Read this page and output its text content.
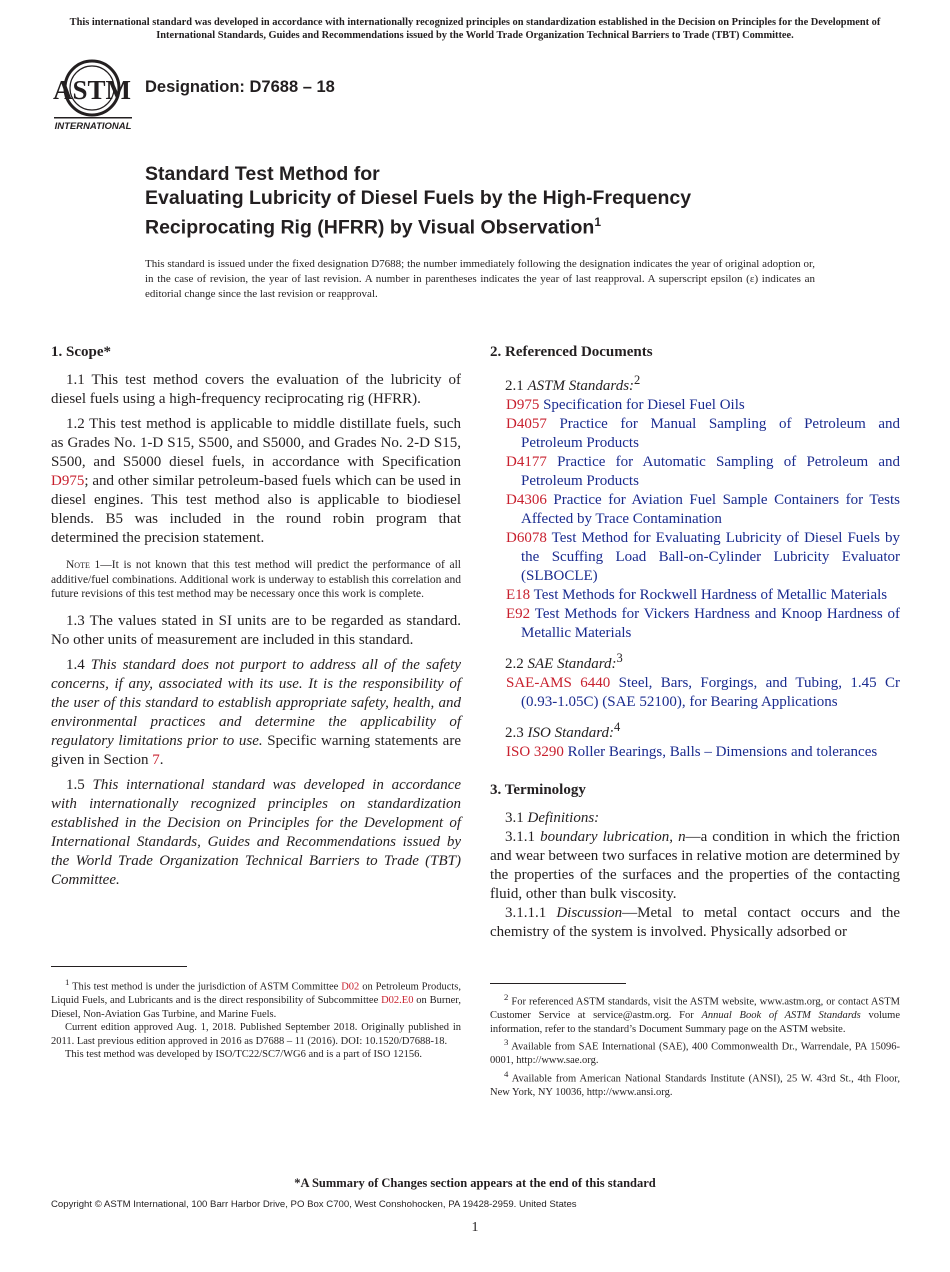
This international standard was developed in accordance with internationally recognized principles on standardization established in the Decision on Principles for the Development of International Standards, Guides and Recommendations issued by the World Trade Organization Technical Barriers to Trade (TBT) Committee.
ASTM
INTERNATIONAL
Designation: D7688 – 18
Standard Test Method for
Evaluating Lubricity of Diesel Fuels by the High-Frequency
Reciprocating Rig (HFRR) by Visual Observation$^1$
This standard is issued under the fixed designation D7688; the number immediately following the designation indicates the year of original adoption or, in the case of revision, the year of last revision. A number in parentheses indicates the year of last reapproval. A superscript epsilon (ε) indicates an editorial change since the last revision or reapproval.
1. Scope*

1.1 This test method covers the evaluation of the lubricity of diesel fuels using a high-frequency reciprocating rig (HFRR).

1.2 This test method is applicable to middle distillate fuels, such as Grades No. 1-D S15, S500, and S5000, and Grades No. 2-D S15, S500, and S5000 diesel fuels, in accordance with Specification D975; and other similar petroleum-based fuels which can be used in diesel engines. This test method also is applicable to biodiesel blends. B5 was included in the round robin program that determined the precision statement.

Note 1—It is not known that this test method will predict the performance of all additive/fuel combinations. Additional work is underway to establish this correlation and future revisions of this test method may be necessary once this work is complete.

1.3 The values stated in SI units are to be regarded as standard. No other units of measurement are included in this standard.

1.4 This standard does not purport to address all of the safety concerns, if any, associated with its use. It is the responsibility of the user of this standard to establish appropriate safety, health, and environmental practices and determine the applicability of regulatory limitations prior to use. Specific warning statements are given in Section 7.

1.5 This international standard was developed in accordance with internationally recognized principles on standardization established in the Decision on Principles for the Development of International Standards, Guides and Recommendations issued by the World Trade Organization Technical Barriers to Trade (TBT) Committee.

2. Referenced Documents

2.1 ASTM Standards:$^2$

D975 Specification for Diesel Fuel Oils

D4057 Practice for Manual Sampling of Petroleum and Petroleum Products

D4177 Practice for Automatic Sampling of Petroleum and Petroleum Products

D4306 Practice for Aviation Fuel Sample Containers for Tests Affected by Trace Contamination

D6078 Test Method for Evaluating Lubricity of Diesel Fuels by the Scuffing Load Ball-on-Cylinder Lubricity Evaluator (SLBOCLE)

E18 Test Methods for Rockwell Hardness of Metallic Materials

E92 Test Methods for Vickers Hardness and Knoop Hardness of Metallic Materials

2.2 SAE Standard:$^3$

SAE-AMS 6440 Steel, Bars, Forgings, and Tubing, 1.45 Cr (0.93-1.05C) (SAE 52100), for Bearing Applications

2.3 ISO Standard:$^4$

ISO 3290 Roller Bearings, Balls – Dimensions and tolerances

3. Terminology

3.1 Definitions:

3.1.1 boundary lubrication, n—a condition in which the friction and wear between two surfaces in relative motion are determined by the properties of the surfaces and the properties of the contacting fluid, other than bulk viscosity.

3.1.1.1 Discussion—Metal to metal contact occurs and the chemistry of the system is involved. Physically adsorbed or

$^1$ This test method is under the jurisdiction of ASTM Committee D02 on Petroleum Products, Liquid Fuels, and Lubricants and is the direct responsibility of Subcommittee D02.E0 on Burner, Diesel, Non-Aviation Gas Turbine, and Marine Fuels.

Current edition approved Aug. 1, 2018. Published September 2018. Originally published in 2011. Last previous edition approved in 2016 as D7688 – 11 (2016). DOI: 10.1520/D7688-18.

This test method was developed by ISO/TC22/SC7/WG6 and is a part of ISO 12156.

$^2$ For referenced ASTM standards, visit the ASTM website, www.astm.org, or contact ASTM Customer Service at service@astm.org. For Annual Book of ASTM Standards volume information, refer to the standard’s Document Summary page on the ASTM website.

$^3$ Available from SAE International (SAE), 400 Commonwealth Dr., Warrendale, PA 15096-0001, http://www.sae.org.

$^4$ Available from American National Standards Institute (ANSI), 25 W. 43rd St., 4th Floor, New York, NY 10036, http://www.ansi.org.

*A Summary of Changes section appears at the end of this standard
Copyright © ASTM International, 100 Barr Harbor Drive, PO Box C700, West Conshohocken, PA 19428-2959. United States
1
